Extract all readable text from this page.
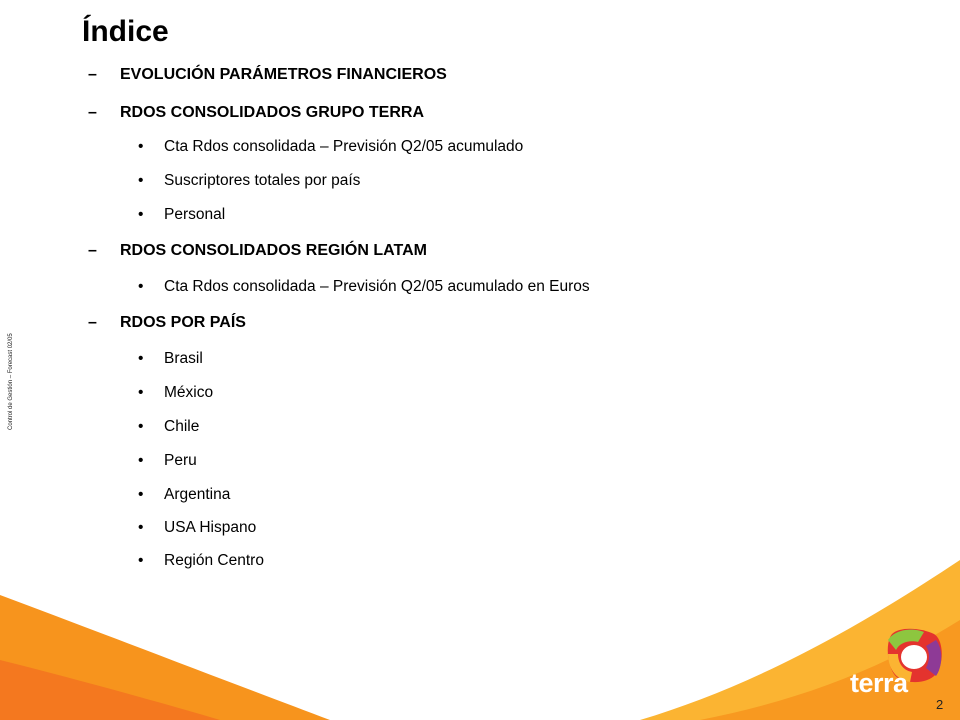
Índice
Control de Gestión – Forecast 02/05
– EVOLUCIÓN PARÁMETROS FINANCIEROS
– RDOS CONSOLIDADOS GRUPO TERRA
• Cta Rdos consolidada – Previsión Q2/05 acumulado
• Suscriptores totales por país
• Personal
– RDOS CONSOLIDADOS REGIÓN LATAM
• Cta Rdos consolidada – Previsión Q2/05 acumulado en Euros
– RDOS POR PAÍS
• Brasil
• México
• Chile
• Peru
• Argentina
• USA Hispano
• Región Centro
terra
2
